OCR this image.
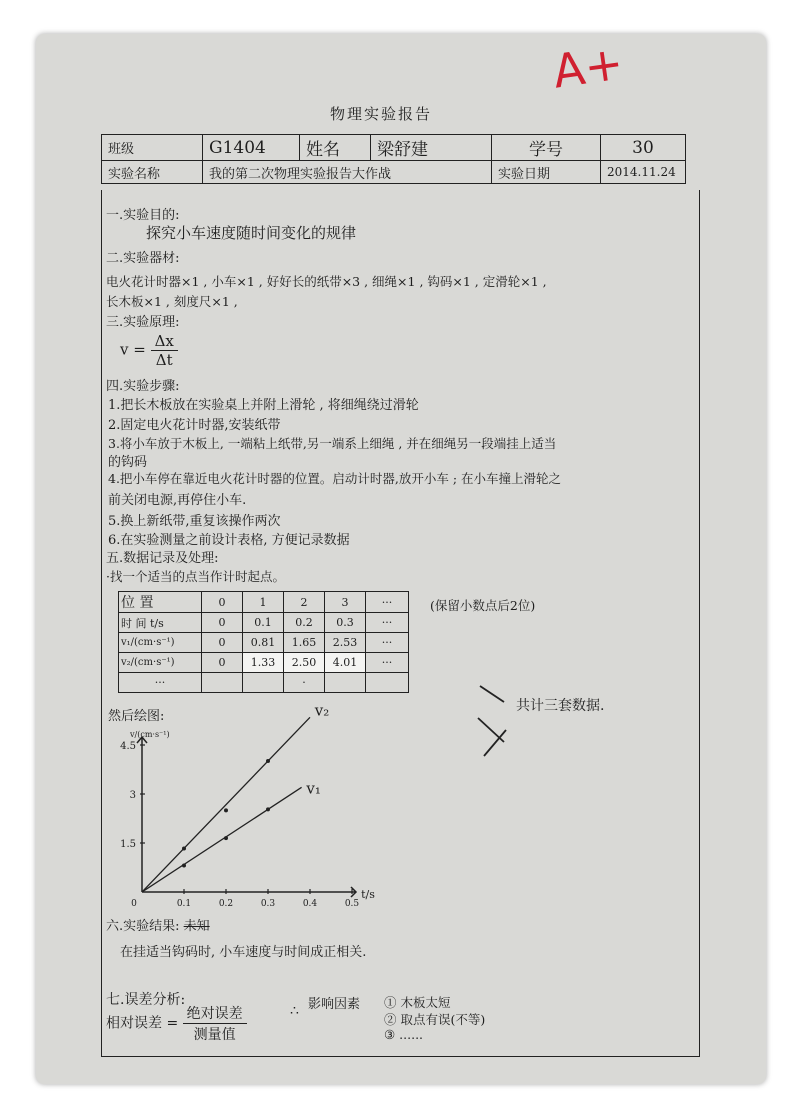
A+
物理实验报告
班级	G1404	姓名	梁舒建	学号	30
实验名称	我的第二次物理实验报告大作战			实验日期	2014.11.24
一.实验目的:
探究小车速度随时间变化的规律
二.实验器材:
电火花计时器×1 , 小车×1 , 好好长的纸带×3 , 细绳×1 , 钩码×1 , 定滑轮×1 ,
长木板×1 , 刻度尺×1 ,
三.实验原理:
$v = \frac{\Delta x}{\Delta t}$
四.实验步骤:
1.把长木板放在实验桌上并附上滑轮 , 将细绳绕过滑轮
2.固定电火花计时器,安装纸带
3.将小车放于木板上, 一端粘上纸带,另一端系上细绳 , 并在细绳另一段端挂上适当
的钩码
4.把小车停在靠近电火花计时器的位置。启动计时器,放开小车 ; 在小车撞上滑轮之
前关闭电源,再停住小车.
5.换上新纸带,重复该操作两次
6.在实验测量之前设计表格, 方便记录数据
五.数据记录及处理:
·找一个适当的点当作计时起点。
位 置	0	1	2	3	···
时 间 t/s	0	0.1	0.2	0.3	···
v₁/(cm·s⁻¹)	0	0.81	1.65	2.53	···
v₂/(cm·s⁻¹)	0	1.33	2.50	4.01	···
···			·		
(保留小数点后2位)
共计三套数据.
然后绘图:
0	0.1	0.2	0.3	0.4	0.5
1.5
3
4.5
t/s
v/(cm·s⁻¹)
v₂
v₁
六.实验结果: 未知
在挂适当钩码时, 小车速度与时间成正相关.
七.误差分析:
相对误差 = $\frac{\text{绝对误差}}{\text{测量值}}$	∴ 影响因素 ① 木板太短
② 取点有误(不等)
③ ......
